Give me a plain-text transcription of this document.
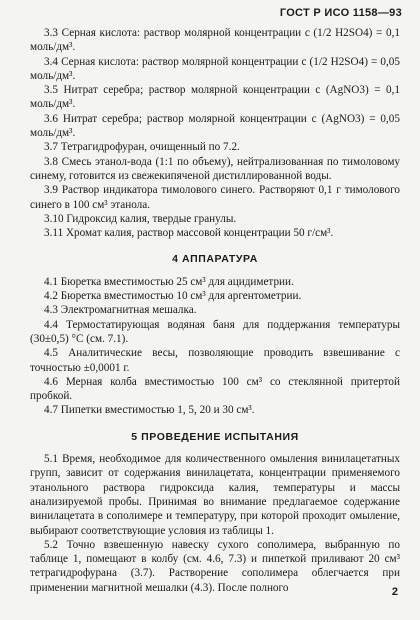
ГОСТ Р ИСО 1158—93

3.3 Серная кислота: раствор молярной концентрации c (1/2 H2SO4) = 0,1 моль/дм³.

3.4 Серная кислота: раствор молярной концентрации c (1/2 H2SO4) = 0,05 моль/дм³.

3.5 Нитрат серебра; раствор молярной концентрации c (AgNO3) = 0,1 моль/дм³.

3.6 Нитрат серебра; раствор молярной концентрации c (AgNO3) = 0,05 моль/дм³.

3.7 Тетрагидрофуран, очищенный по 7.2.

3.8 Смесь этанол-вода (1:1 по объему), нейтрализованная по тимоловому синему, готовится из свежекипяченой дистиллированной воды.

3.9 Раствор индикатора тимолового синего. Растворяют 0,1 г тимолового синего в 100 см³ этанола.

3.10 Гидроксид калия, твердые гранулы.

3.11 Хромат калия, раствор массовой концентрации 50 г/см³.

4 АППАРАТУРА

4.1 Бюретка вместимостью 25 см³ для ацидиметрии.

4.2 Бюретка вместимостью 10 см³ для аргентометрии.

4.3 Электромагнитная мешалка.

4.4 Термостатирующая водяная баня для поддержания температуры (30±0,5) °С (см. 7.1).

4.5 Аналитические весы, позволяющие проводить взвешивание с точностью ±0,0001 г.

4.6 Мерная колба вместимостью 100 см³ со стеклянной притертой пробкой.

4.7 Пипетки вместимостью 1, 5, 20 и 30 см³.

5 ПРОВЕДЕНИЕ ИСПЫТАНИЯ

5.1 Время, необходимое для количественного омыления винилацетатных групп, зависит от содержания винилацетата, концентрации применяемого этанольного раствора гидроксида калия, температуры и массы анализируемой пробы. Принимая во внимание предлагаемое содержание винилацетата в сополимере и температуру, при которой проходит омыление, выбирают соответствующие условия из таблицы 1.

5.2 Точно взвешенную навеску сухого сополимера, выбранную по таблице 1, помещают в колбу (см. 4.6, 7.3) и пипеткой приливают 20 см³ тетрагидрофурана (3.7). Растворение сополимера облегчается при применении магнитной мешалки (4.3). После полного	2
